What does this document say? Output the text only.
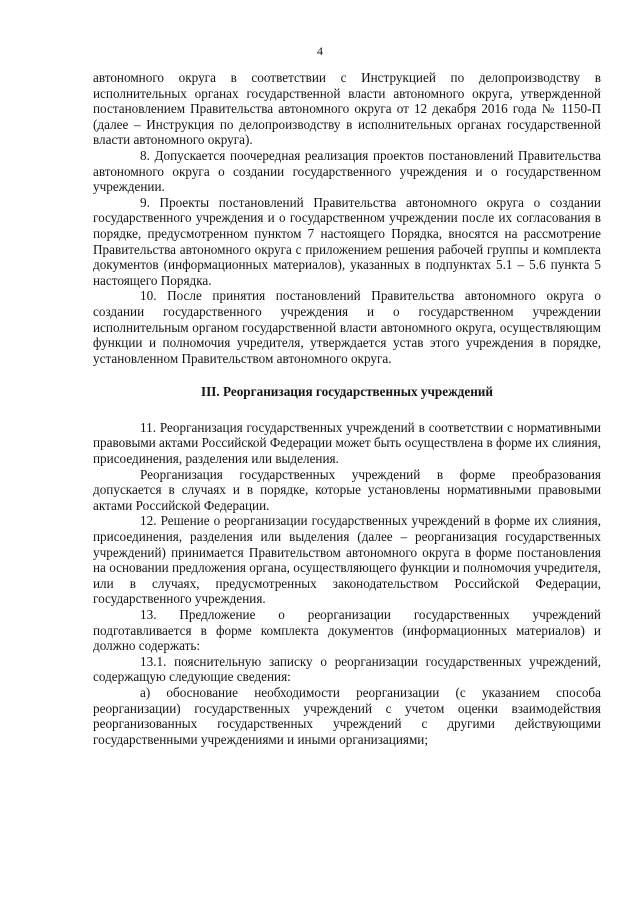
4

автономного округа в соответствии с Инструкцией по делопроизводству в исполнительных органах государственной власти автономного округа, утвержденной постановлением Правительства автономного округа от 12 декабря 2016 года № 1150-П (далее – Инструкция по делопроизводству в исполнительных органах государственной власти автономного округа).

8. Допускается поочередная реализация проектов постановлений Правительства автономного округа о создании государственного учреждения и о государственном учреждении.

9. Проекты постановлений Правительства автономного округа о создании государственного учреждения и о государственном учреждении после их согласования в порядке, предусмотренном пунктом 7 настоящего Порядка, вносятся на рассмотрение Правительства автономного округа с приложением решения рабочей группы и комплекта документов (информационных материалов), указанных в подпунктах 5.1 – 5.6 пункта 5 настоящего Порядка.

10. После принятия постановлений Правительства автономного округа о создании государственного учреждения и о государственном учреждении исполнительным органом государственной власти автономного округа, осуществляющим функции и полномочия учредителя, утверждается устав этого учреждения в порядке, установленном Правительством автономного округа.

III. Реорганизация государственных учреждений

11. Реорганизация государственных учреждений в соответствии с нормативными правовыми актами Российской Федерации может быть осуществлена в форме их слияния, присоединения, разделения или выделения.

Реорганизация государственных учреждений в форме преобразования допускается в случаях и в порядке, которые установлены нормативными правовыми актами Российской Федерации.

12. Решение о реорганизации государственных учреждений в форме их слияния, присоединения, разделения или выделения (далее – реорганизация государственных учреждений) принимается Правительством автономного округа в форме постановления на основании предложения органа, осуществляющего функции и полномочия учредителя, или в случаях, предусмотренных законодательством Российской Федерации, государственного учреждения.

13. Предложение о реорганизации государственных учреждений подготавливается в форме комплекта документов (информационных материалов) и должно содержать:

13.1. пояснительную записку о реорганизации государственных учреждений, содержащую следующие сведения:

а) обоснование необходимости реорганизации (с указанием способа реорганизации) государственных учреждений с учетом оценки взаимодействия реорганизованных государственных учреждений с другими действующими государственными учреждениями и иными организациями;
